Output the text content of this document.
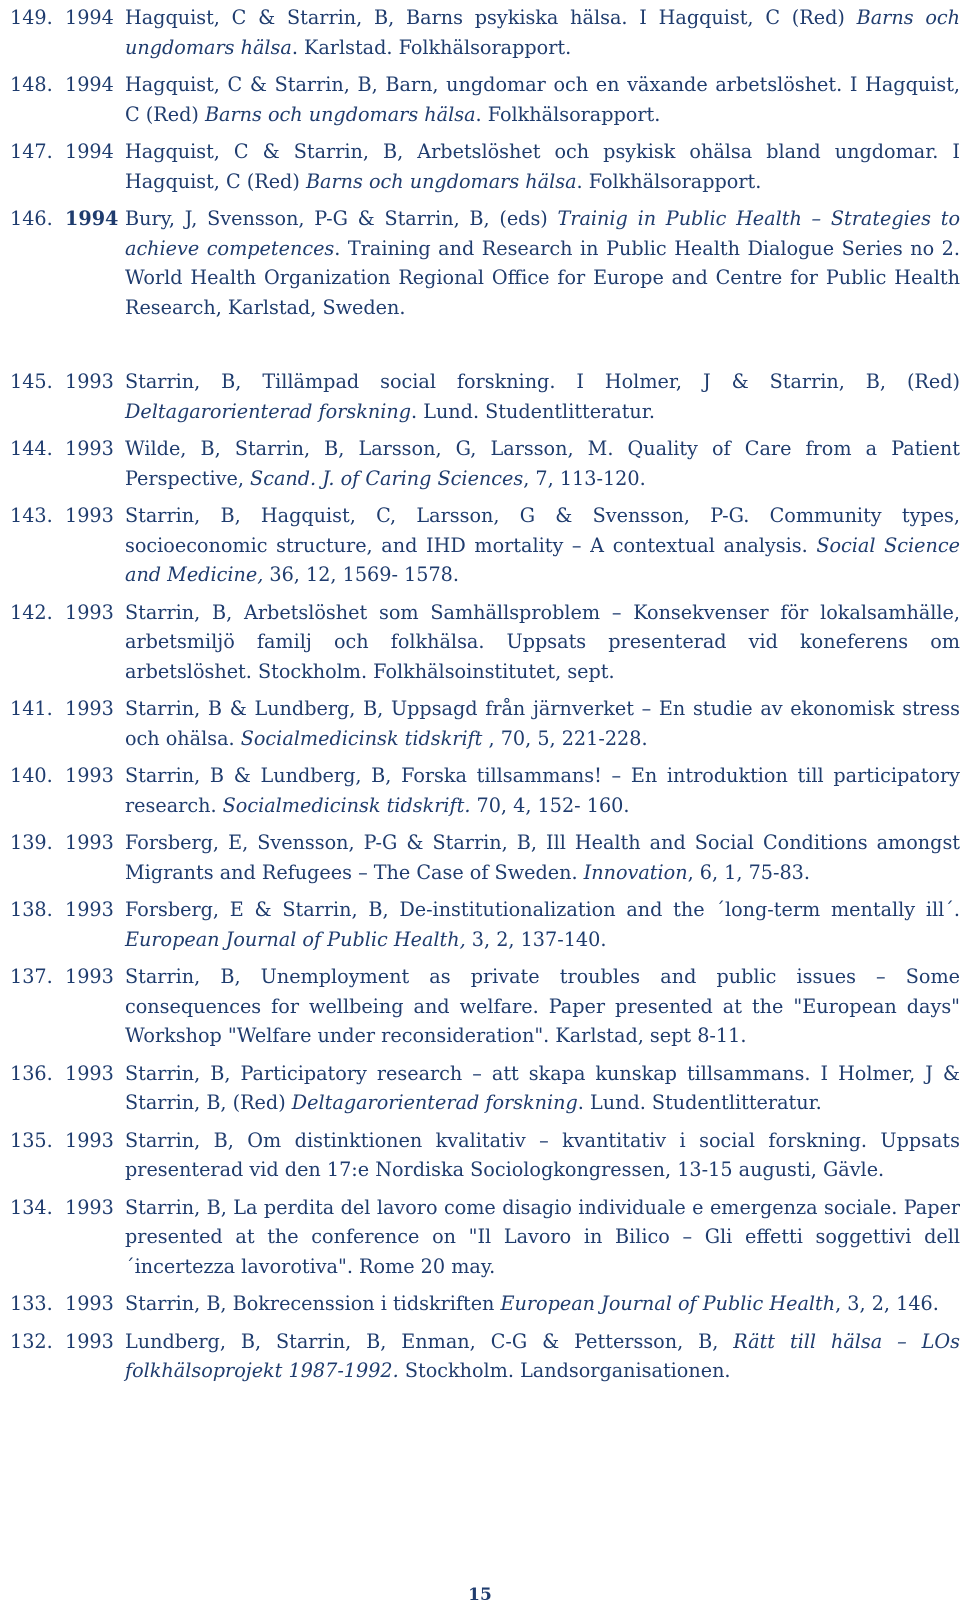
149. 1994 Hagquist, C & Starrin, B, Barns psykiska hälsa. I Hagquist, C (Red) Barns och ungdomars hälsa. Karlstad. Folkhälsorapport.
148. 1994 Hagquist, C & Starrin, B, Barn, ungdomar och en växande arbetslöshet. I Hagquist, C (Red) Barns och ungdomars hälsa. Folkhälsorapport.
147. 1994 Hagquist, C & Starrin, B, Arbetslöshet och psykisk ohälsa bland ungdomar. I Hagquist, C (Red) Barns och ungdomars hälsa. Folkhälsorapport.
146. 1994 Bury, J, Svensson, P-G & Starrin, B, (eds) Trainig in Public Health – Strategies to achieve competences. Training and Research in Public Health Dialogue Series no 2. World Health Organization Regional Office for Europe and Centre for Public Health Research, Karlstad, Sweden.
145. 1993 Starrin, B, Tillämpad social forskning. I Holmer, J & Starrin, B, (Red) Deltagarorienterad forskning. Lund. Studentlitteratur.
144. 1993 Wilde, B, Starrin, B, Larsson, G, Larsson, M. Quality of Care from a Patient Perspective, Scand. J. of Caring Sciences, 7, 113-120.
143. 1993 Starrin, B, Hagquist, C, Larsson, G & Svensson, P-G. Community types, socioeconomic structure, and IHD mortality – A contextual analysis. Social Science and Medicine, 36, 12, 1569- 1578.
142. 1993 Starrin, B, Arbetslöshet som Samhällsproblem – Konsekvenser för lokalsamhälle, arbetsmiljö familj och folkhälsa. Uppsats presenterad vid koneferens om arbetslöshet. Stockholm. Folkhälsoinstitutet, sept.
141. 1993 Starrin, B & Lundberg, B, Uppsagd från järnverket – En studie av ekonomisk stress och ohälsa. Socialmedicinsk tidskrift , 70, 5, 221-228.
140. 1993 Starrin, B & Lundberg, B, Forska tillsammans! – En introduktion till participatory research. Socialmedicinsk tidskrift. 70, 4, 152- 160.
139. 1993 Forsberg, E, Svensson, P-G & Starrin, B, Ill Health and Social Conditions amongst Migrants and Refugees – The Case of Sweden. Innovation, 6, 1, 75-83.
138. 1993 Forsberg, E & Starrin, B, De-institutionalization and the ´long-term mentally ill´. European Journal of Public Health, 3, 2, 137-140.
137. 1993 Starrin, B, Unemployment as private troubles and public issues – Some consequences for wellbeing and welfare. Paper presented at the "European days" Workshop "Welfare under reconsideration". Karlstad, sept 8-11.
136. 1993 Starrin, B, Participatory research – att skapa kunskap tillsammans. I Holmer, J & Starrin, B, (Red) Deltagarorienterad forskning. Lund. Studentlitteratur.
135. 1993 Starrin, B, Om distinktionen kvalitativ – kvantitativ i social forskning. Uppsats presenterad vid den 17:e Nordiska Sociologkongressen, 13-15 augusti, Gävle.
134. 1993 Starrin, B, La perdita del lavoro come disagio individuale e emergenza sociale. Paper presented at the conference on "Il Lavoro in Bilico – Gli effetti soggettivi dell´incertezza lavorotiva". Rome 20 may.
133. 1993 Starrin, B, Bokrecenssion i tidskriften European Journal of Public Health, 3, 2, 146.
132. 1993 Lundberg, B, Starrin, B, Enman, C-G & Pettersson, B, Rätt till hälsa – LOs folkhälsoprojekt 1987-1992. Stockholm. Landsorganisationen.
15
